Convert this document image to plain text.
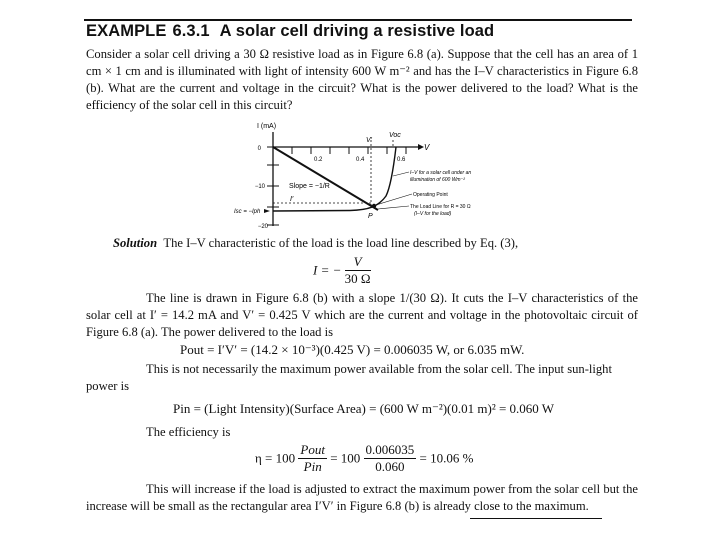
EXAMPLE 6.3.1 A solar cell driving a resistive load
Consider a solar cell driving a 30 Ω resistive load as in Figure 6.8 (a). Suppose that the cell has an area of 1 cm × 1 cm and is illuminated with light of intensity 600 W m⁻² and has the I–V characteristics in Figure 6.8 (b). What are the current and voltage in the circuit? What is the power delivered to the load? What is the efficiency of the solar cell in this circuit?
I (mA)
Voc
V′
V
0.2	0.4	0.6
0
−10
−20
I′
Isc = −Iph
P
Slope = −1/R
I–V for a solar cell under an
illumination of 600 Wm⁻²
Operating Point
The Load Line for R = 30 Ω
(I–V for the load)
Solution The I–V characteristic of the load is the load line described by Eq. (3),
I = − $\frac{V}{30 \Omega}$
The line is drawn in Figure 6.8 (b) with a slope 1/(30 Ω). It cuts the I–V characteristics of the solar cell at I′ = 14.2 mA and V′ = 0.425 V which are the current and voltage in the photovoltaic circuit of Figure 6.8 (a). The power delivered to the load is
Pout = I′V′ = (14.2 × 10⁻³)(0.425 V) = 0.006035 W, or 6.035 mW.
This is not necessarily the maximum power available from the solar cell. The input sun-light
power is
Pin = (Light Intensity)(Surface Area) = (600 W m⁻²)(0.01 m)² = 0.060 W
The efficiency is
$\eta = 100 \frac{\text{Pout}}{\text{Pin}} = 100 \frac{0.006035}{0.060} = 10.06$ %
This will increase if the load is adjusted to extract the maximum power from the solar cell but the increase will be small as the rectangular area I′V′ in Figure 6.8 (b) is already close to the maximum.
